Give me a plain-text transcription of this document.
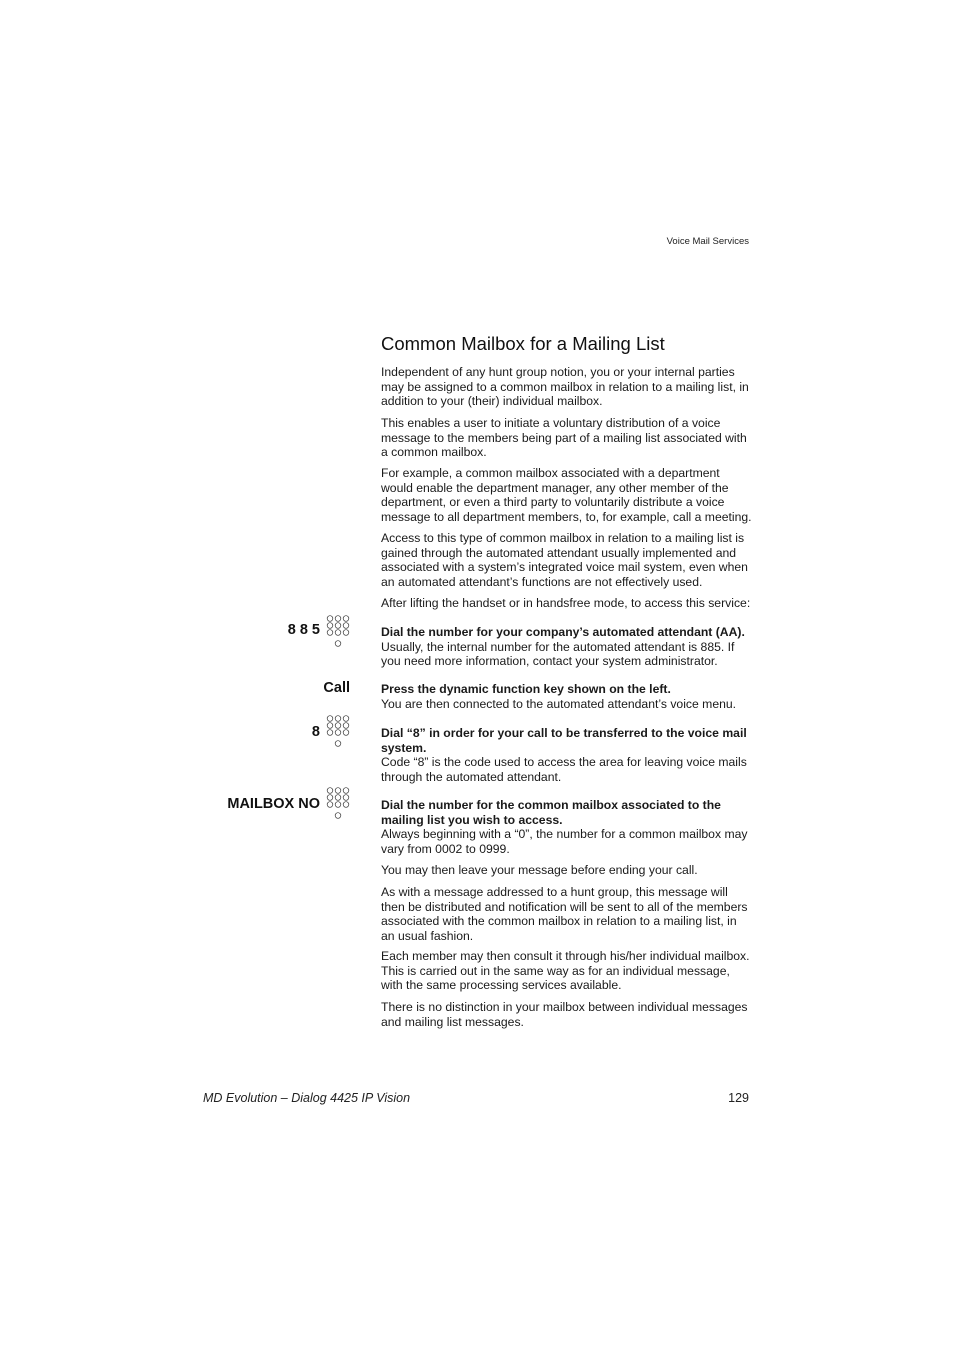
Voice Mail Services
Common Mailbox for a Mailing List

Independent of any hunt group notion, you or your internal parties may be assigned to a common mailbox in relation to a mailing list, in addition to your (their) individual mailbox.

This enables a user to initiate a voluntary distribution of a voice message to the members being part of a mailing list associated with a common mailbox.

For example, a common mailbox associated with a department would enable the department manager, any other member of the department, or even a third party to voluntarily distribute a voice message to all department members, to, for example, call a meeting.

Access to this type of common mailbox in relation to a mailing list is gained through the automated attendant usually implemented and associated with a system’s integrated voice mail system, even when an automated attendant’s functions are not effectively used.

After lifting the handset or in handsfree mode, to access this service:

8 8 5	Dial the number for your company’s automated attendant (AA).
Usually, the internal number for the automated attendant is 885. If you need more information, contact your system administrator.
Call	Press the dynamic function key shown on the left.
You are then connected to the automated attendant’s voice menu.
8	Dial “8” in order for your call to be transferred to the voice mail system.
Code “8” is the code used to access the area for leaving voice mails through the automated attendant.
MAILBOX NO	Dial the number for the common mailbox associated to the mailing list you wish to access.
Always beginning with a “0”, the number for a common mailbox may vary from 0002 to 0999.

You may then leave your message before ending your call.

As with a message addressed to a hunt group, this message will then be distributed and notification will be sent to all of the members associated with the common mailbox in relation to a mailing list, in an usual fashion.

Each member may then consult it through his/her individual mailbox. This is carried out in the same way as for an individual message, with the same processing services available.

There is no distinction in your mailbox between individual messages and mailing list messages.

MD Evolution – Dialog 4425 IP Vision	129
